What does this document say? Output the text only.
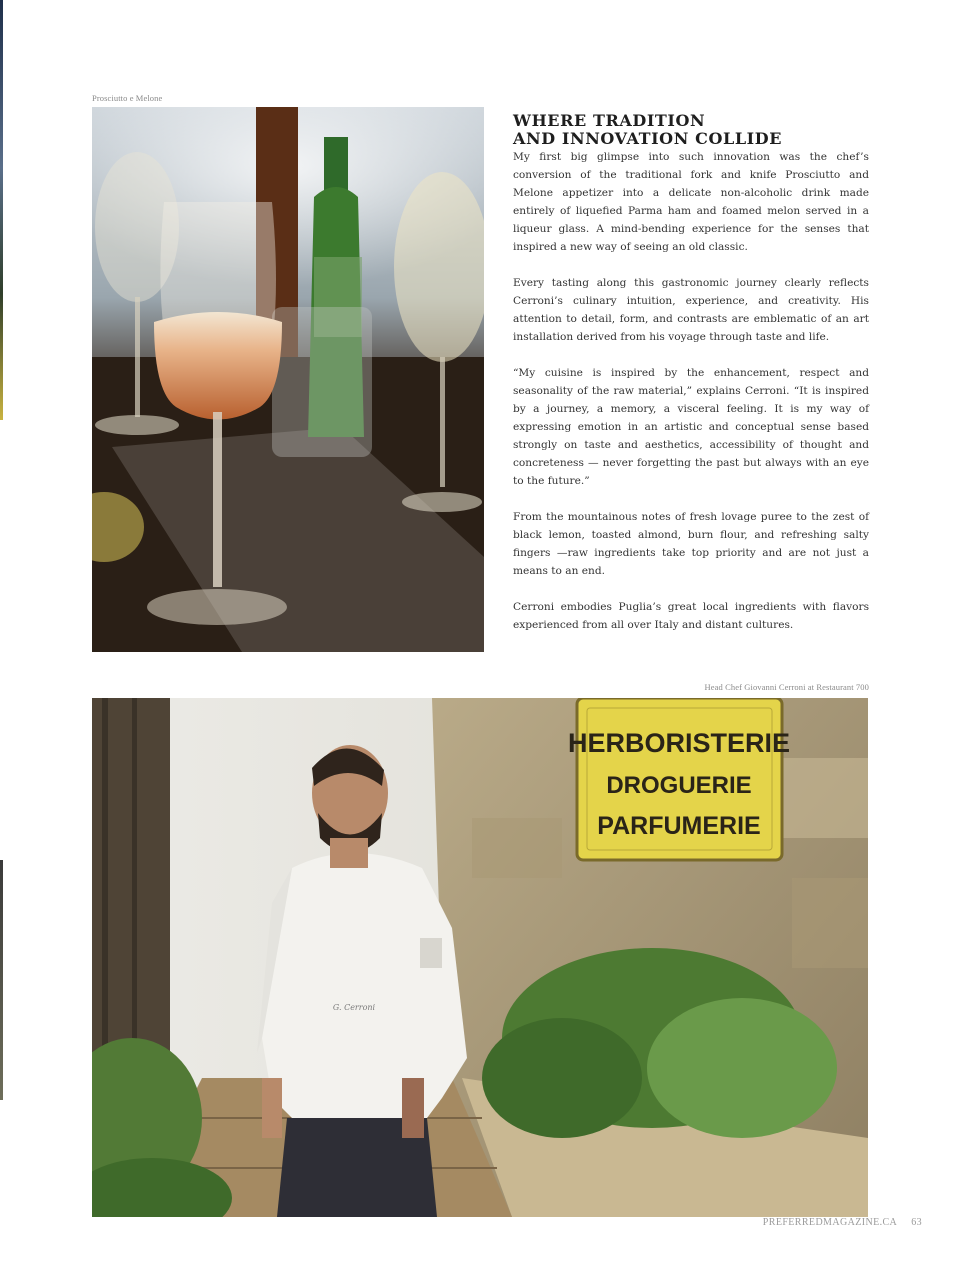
Prosciutto e Melone
WHERE TRADITION
AND INNOVATION COLLIDE

My first big glimpse into such innovation was the chef’s conversion of the traditional fork and knife Prosciutto and Melone appetizer into a delicate non-alcoholic drink made entirely of liquefied Parma ham and foamed melon served in a liqueur glass. A mind-bending experience for the senses that inspired a new way of seeing an old classic.

Every tasting along this gastronomic journey clearly reflects Cerroni’s culinary intuition, experience, and creativity. His attention to detail, form, and contrasts are emblematic of an art installation derived from his voyage through taste and life.

“My cuisine is inspired by the enhancement, respect and seasonality of the raw material,” explains Cerroni. “It is inspired by a journey, a memory, a visceral feeling. It is my way of expressing emotion in an artistic and conceptual sense based strongly on taste and aesthetics, accessibility of thought and concreteness — never forgetting the past but always with an eye to the future.”

From the mountainous notes of fresh lovage puree to the zest of black lemon, toasted almond, burn flour, and refreshing salty fingers —raw ingredients take top priority and are not just a means to an end.

Cerroni embodies Puglia’s great local ingredients with flavors experienced from all over Italy and distant cultures.

Head Chef Giovanni Cerroni at Restaurant 700
HERBORISTERIE
DROGUERIE
PARFUMERIE
G. Cerroni
PREFERREDMAGAZINE.CA 63
